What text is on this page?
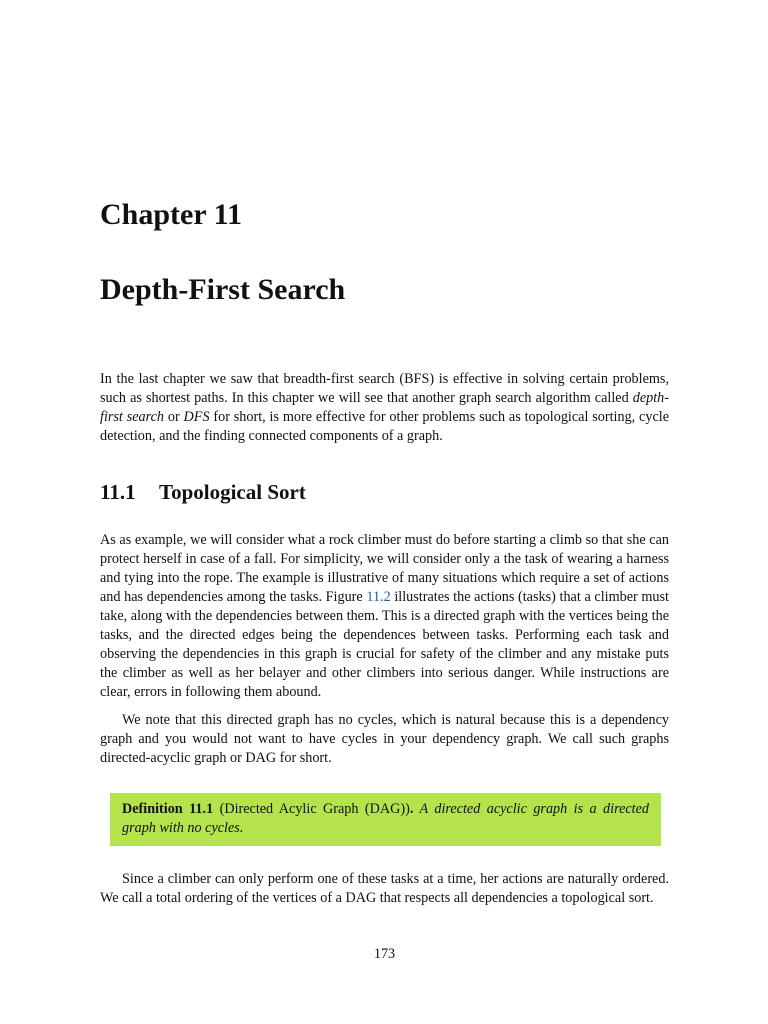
Chapter 11
Depth-First Search

In the last chapter we saw that breadth-first search (BFS) is effective in solving certain problems, such as shortest paths. In this chapter we will see that another graph search algorithm called depth-first search or DFS for short, is more effective for other problems such as topological sorting, cycle detection, and the finding connected components of a graph.

11.1 Topological Sort

As as example, we will consider what a rock climber must do before starting a climb so that she can protect herself in case of a fall. For simplicity, we will consider only a the task of wearing a harness and tying into the rope. The example is illustrative of many situations which require a set of actions and has dependencies among the tasks. Figure 11.2 illustrates the actions (tasks) that a climber must take, along with the dependencies between them. This is a directed graph with the vertices being the tasks, and the directed edges being the dependences between tasks. Performing each task and observing the dependencies in this graph is crucial for safety of the climber and any mistake puts the climber as well as her belayer and other climbers into serious danger. While instructions are clear, errors in following them abound.

We note that this directed graph has no cycles, which is natural because this is a dependency graph and you would not want to have cycles in your dependency graph. We call such graphs directed-acyclic graph or DAG for short.

Definition 11.1 (Directed Acylic Graph (DAG)). A directed acyclic graph is a directed graph with no cycles.

Since a climber can only perform one of these tasks at a time, her actions are naturally ordered. We call a total ordering of the vertices of a DAG that respects all dependencies a topological sort.

173
